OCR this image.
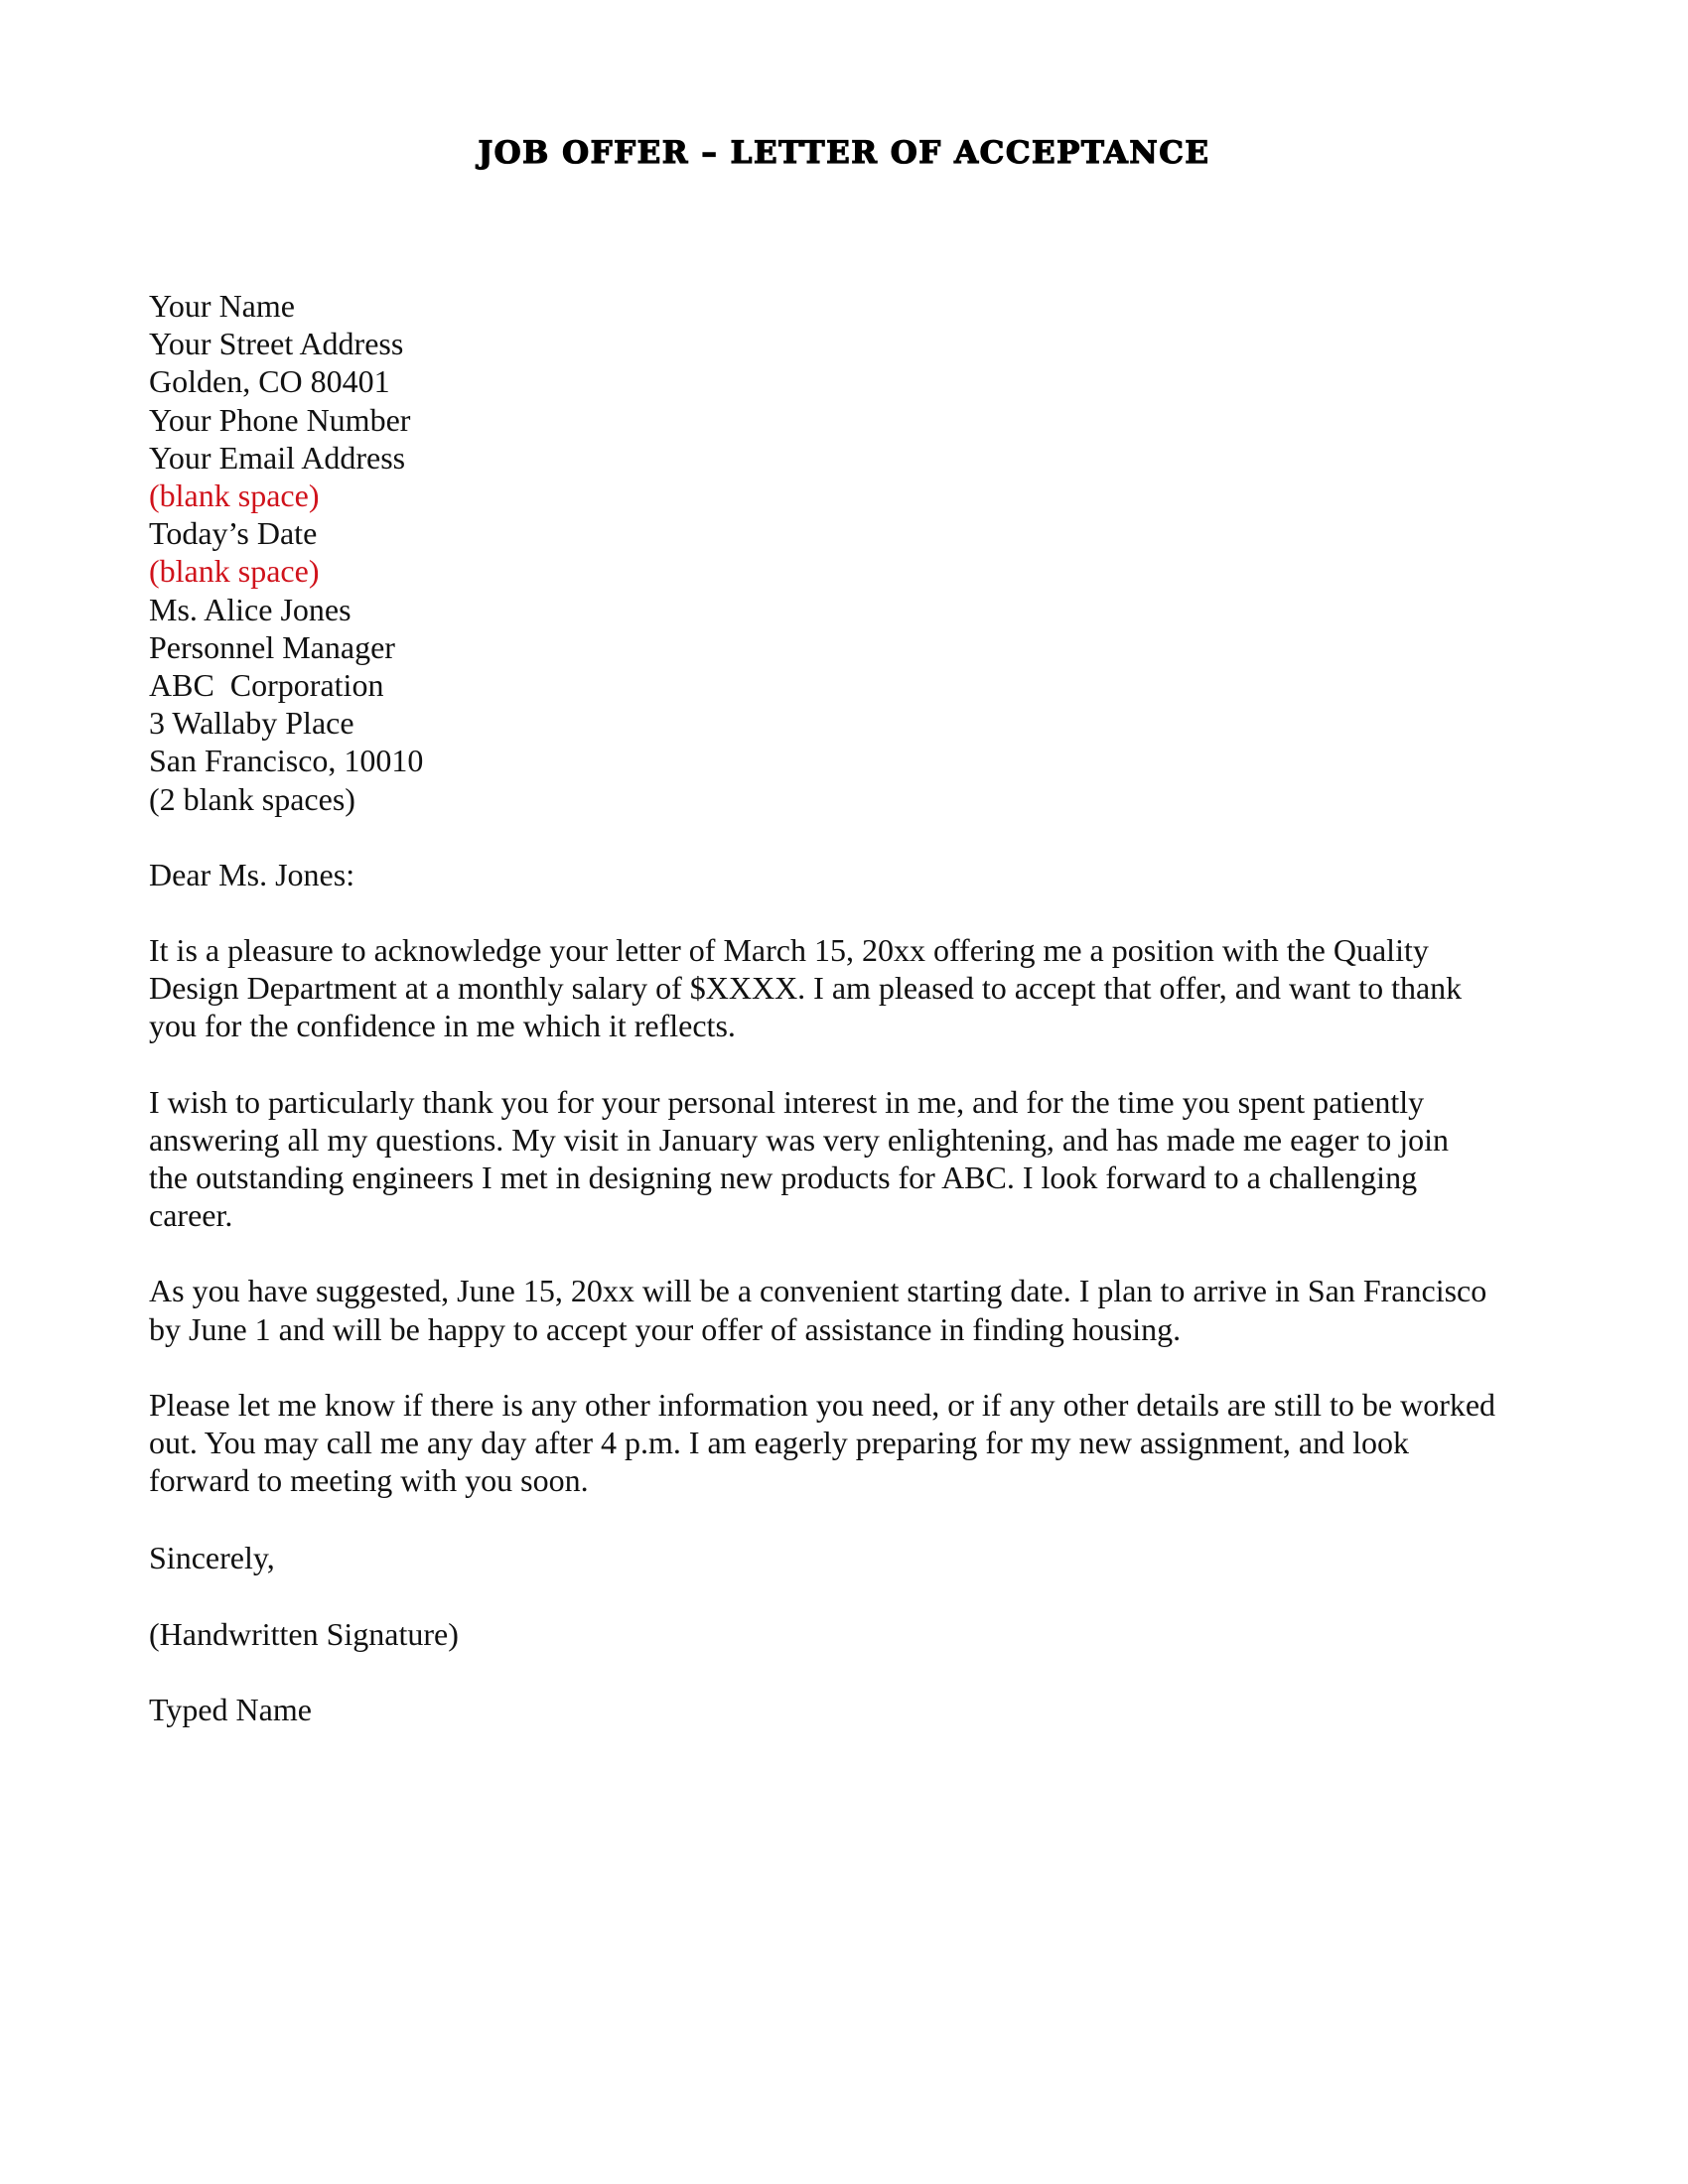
JOB OFFER – LETTER OF ACCEPTANCE
Your Name
Your Street Address
Golden, CO 80401
Your Phone Number
Your Email Address
(blank space)
Today’s Date
(blank space)
Ms. Alice Jones
Personnel Manager
ABC  Corporation
3 Wallaby Place
San Francisco, 10010
(2 blank spaces)
Dear Ms. Jones:
It is a pleasure to acknowledge your letter of March 15, 20xx offering me a position with the Quality
Design Department at a monthly salary of $XXXX. I am pleased to accept that offer, and want to thank
you for the confidence in me which it reflects.
I wish to particularly thank you for your personal interest in me, and for the time you spent patiently
answering all my questions. My visit in January was very enlightening, and has made me eager to join
the outstanding engineers I met in designing new products for ABC. I look forward to a challenging
career.
As you have suggested, June 15, 20xx will be a convenient starting date. I plan to arrive in San Francisco
by June 1 and will be happy to accept your offer of assistance in finding housing.
Please let me know if there is any other information you need, or if any other details are still to be worked
out. You may call me any day after 4 p.m. I am eagerly preparing for my new assignment, and look
forward to meeting with you soon.
Sincerely,
(Handwritten Signature)
Typed Name
